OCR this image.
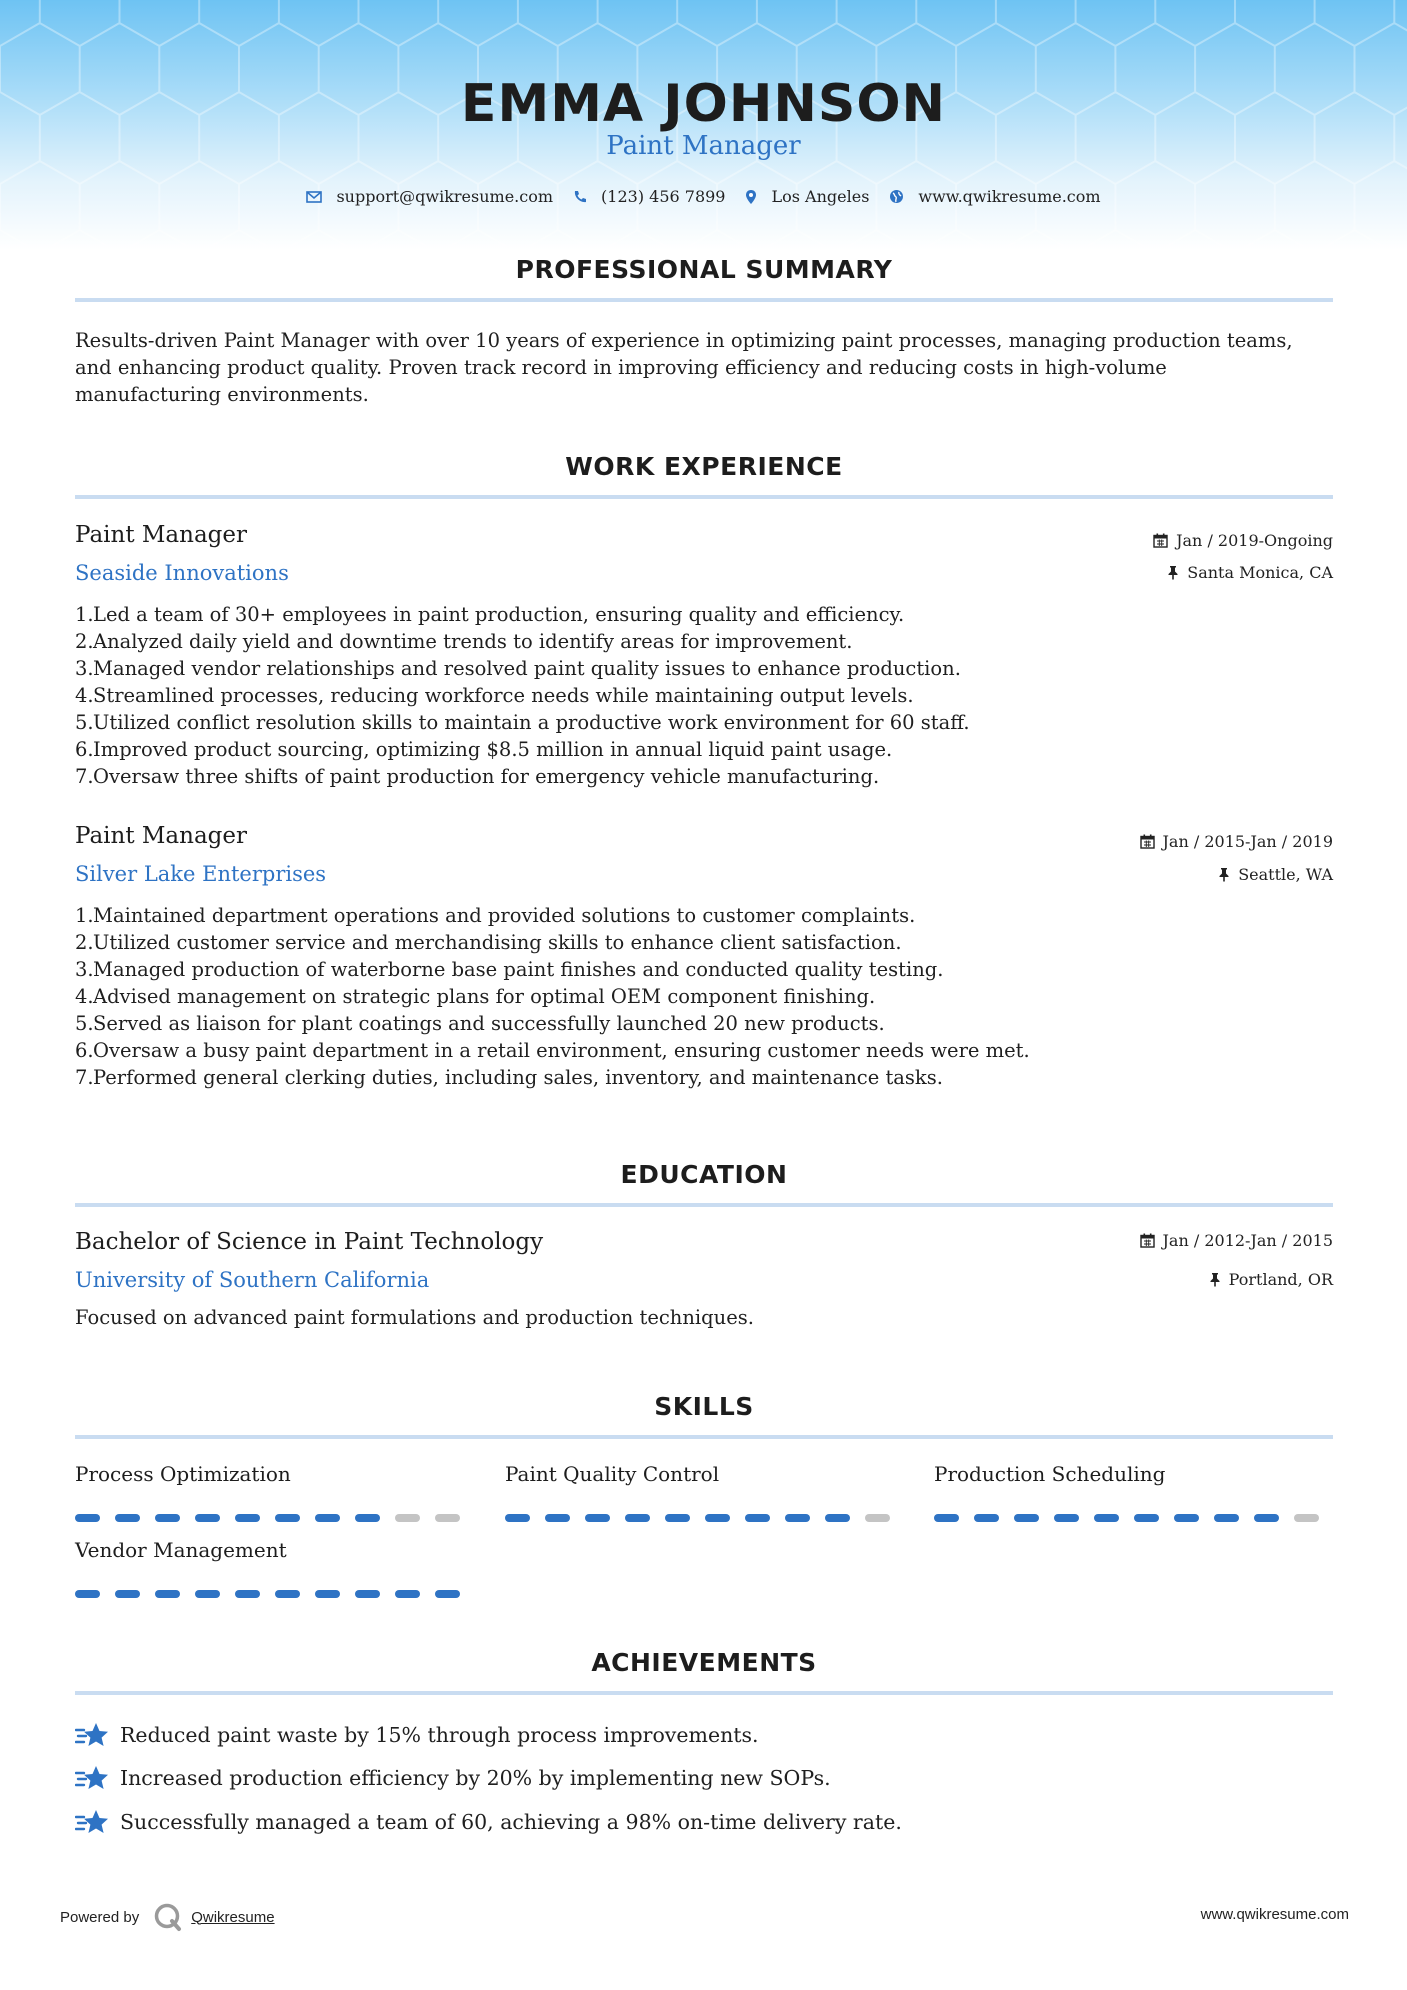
EMMA JOHNSON
Paint Manager
support@qwikresume.com	(123) 456 7899	Los Angeles	www.qwikresume.com
PROFESSIONAL SUMMARY
Results-driven Paint Manager with over 10 years of experience in optimizing paint processes, managing production teams,
and enhancing product quality. Proven track record in improving efficiency and reducing costs in high-volume
manufacturing environments.
WORK EXPERIENCE
Paint Manager
Seaside Innovations
Jan / 2019-Ongoing
Santa Monica, CA
1. Led a team of 30+ employees in paint production, ensuring quality and efficiency.
2. Analyzed daily yield and downtime trends to identify areas for improvement.
3. Managed vendor relationships and resolved paint quality issues to enhance production.
4. Streamlined processes, reducing workforce needs while maintaining output levels.
5. Utilized conflict resolution skills to maintain a productive work environment for 60 staff.
6. Improved product sourcing, optimizing $8.5 million in annual liquid paint usage.
7. Oversaw three shifts of paint production for emergency vehicle manufacturing.
Paint Manager
Silver Lake Enterprises
Jan / 2015-Jan / 2019
Seattle, WA
1. Maintained department operations and provided solutions to customer complaints.
2. Utilized customer service and merchandising skills to enhance client satisfaction.
3. Managed production of waterborne base paint finishes and conducted quality testing.
4. Advised management on strategic plans for optimal OEM component finishing.
5. Served as liaison for plant coatings and successfully launched 20 new products.
6. Oversaw a busy paint department in a retail environment, ensuring customer needs were met.
7. Performed general clerking duties, including sales, inventory, and maintenance tasks.
EDUCATION
Bachelor of Science in Paint Technology
University of Southern California
Jan / 2012-Jan / 2015
Portland, OR
Focused on advanced paint formulations and production techniques.
SKILLS
Process Optimization	Paint Quality Control	Production Scheduling
Vendor Management
ACHIEVEMENTS
Reduced paint waste by 15% through process improvements.
Increased production efficiency by 20% by implementing new SOPs.
Successfully managed a team of 60, achieving a 98% on-time delivery rate.
Powered by	Qwikresume	www.qwikresume.com
